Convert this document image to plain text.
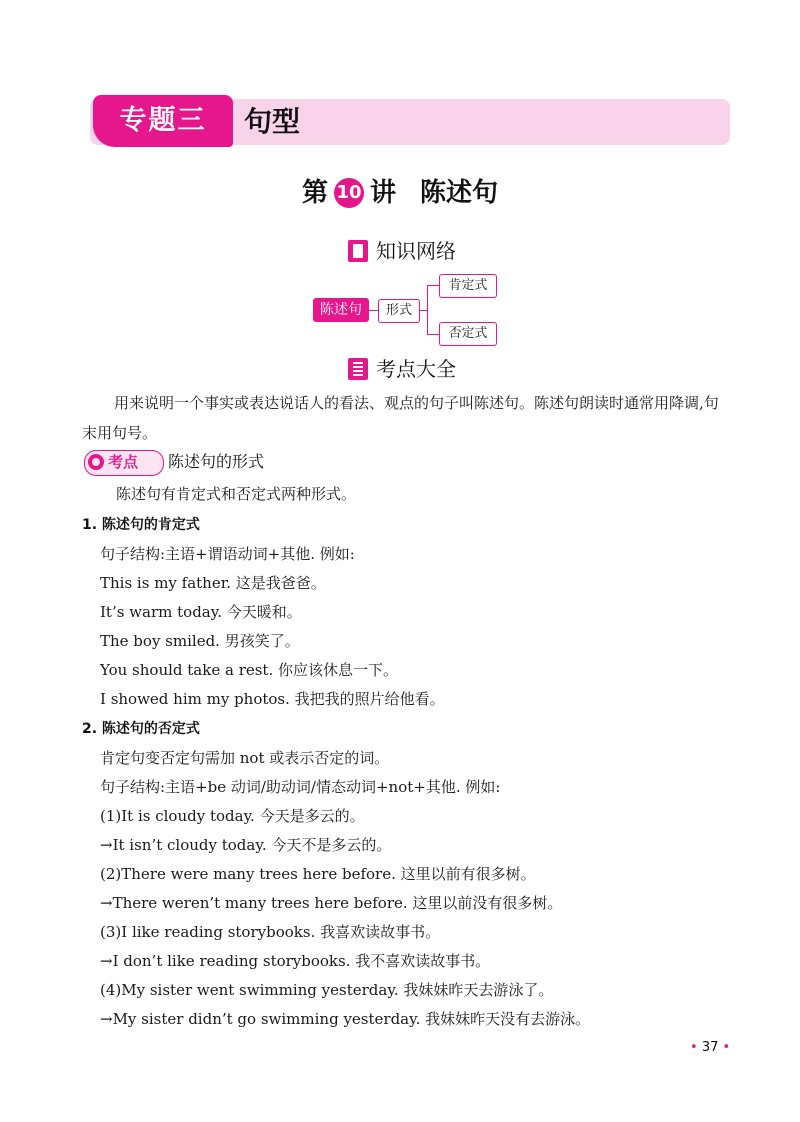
专题三	句型
第 10 讲 陈述句
知识网络
陈述句	形式
肯定式
否定式
考点大全
用来说明一个事实或表达说话人的看法、观点的句子叫陈述句。陈述句朗读时通常用降调,句末用句号。
考点 陈述句的形式
陈述句有肯定式和否定式两种形式。
1. 陈述句的肯定式
句子结构:主语+谓语动词+其他. 例如:
This is my father. 这是我爸爸。
It’s warm today. 今天暖和。
The boy smiled. 男孩笑了。
You should take a rest. 你应该休息一下。
I showed him my photos. 我把我的照片给他看。
2. 陈述句的否定式
肯定句变否定句需加 not 或表示否定的词。
句子结构:主语+be 动词/助动词/情态动词+not+其他. 例如:
(1)It is cloudy today. 今天是多云的。
→It isn’t cloudy today. 今天不是多云的。
(2)There were many trees here before. 这里以前有很多树。
→There weren’t many trees here before. 这里以前没有很多树。
(3)I like reading storybooks. 我喜欢读故事书。
→I don’t like reading storybooks. 我不喜欢读故事书。
(4)My sister went swimming yesterday. 我妹妹昨天去游泳了。
→My sister didn’t go swimming yesterday. 我妹妹昨天没有去游泳。
• 37 •
